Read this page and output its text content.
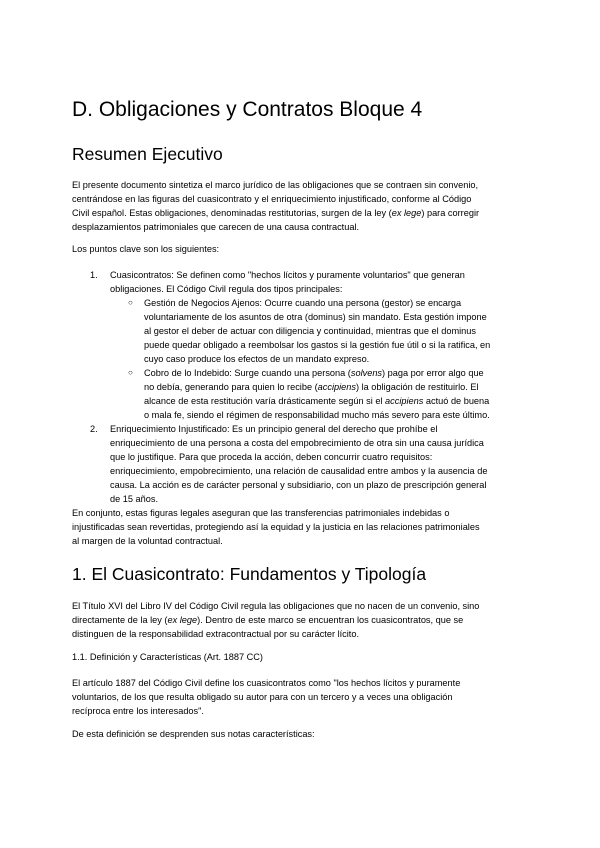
D. Obligaciones y Contratos Bloque 4
Resumen Ejecutivo

El presente documento sintetiza el marco jurídico de las obligaciones que se contraen sin convenio,
centrándose en las figuras del cuasicontrato y el enriquecimiento injustificado, conforme al Código
Civil español. Estas obligaciones, denominadas restitutorias, surgen de la ley (ex lege) para corregir
desplazamientos patrimoniales que carecen de una causa contractual.

Los puntos clave son los siguientes:

1. Cuasicontratos: Se definen como "hechos lícitos y puramente voluntarios" que generan
obligaciones. El Código Civil regula dos tipos principales:
○ Gestión de Negocios Ajenos: Ocurre cuando una persona (gestor) se encarga
voluntariamente de los asuntos de otra (dominus) sin mandato. Esta gestión impone
al gestor el deber de actuar con diligencia y continuidad, mientras que el dominus
puede quedar obligado a reembolsar los gastos si la gestión fue útil o si la ratifica, en
cuyo caso produce los efectos de un mandato expreso.
○ Cobro de lo Indebido: Surge cuando una persona (solvens) paga por error algo que
no debía, generando para quien lo recibe (accipiens) la obligación de restituirlo. El
alcance de esta restitución varía drásticamente según si el accipiens actuó de buena
o mala fe, siendo el régimen de responsabilidad mucho más severo para este último.
2. Enriquecimiento Injustificado: Es un principio general del derecho que prohíbe el
enriquecimiento de una persona a costa del empobrecimiento de otra sin una causa jurídica
que lo justifique. Para que proceda la acción, deben concurrir cuatro requisitos:
enriquecimiento, empobrecimiento, una relación de causalidad entre ambos y la ausencia de
causa. La acción es de carácter personal y subsidiario, con un plazo de prescripción general
de 15 años.

En conjunto, estas figuras legales aseguran que las transferencias patrimoniales indebidas o
injustificadas sean revertidas, protegiendo así la equidad y la justicia en las relaciones patrimoniales
al margen de la voluntad contractual.

1. El Cuasicontrato: Fundamentos y Tipología

El Título XVI del Libro IV del Código Civil regula las obligaciones que no nacen de un convenio, sino
directamente de la ley (ex lege). Dentro de este marco se encuentran los cuasicontratos, que se
distinguen de la responsabilidad extracontractual por su carácter lícito.

1.1. Definición y Características (Art. 1887 CC)

El artículo 1887 del Código Civil define los cuasicontratos como "los hechos lícitos y puramente
voluntarios, de los que resulta obligado su autor para con un tercero y a veces una obligación
recíproca entre los interesados".

De esta definición se desprenden sus notas características:
